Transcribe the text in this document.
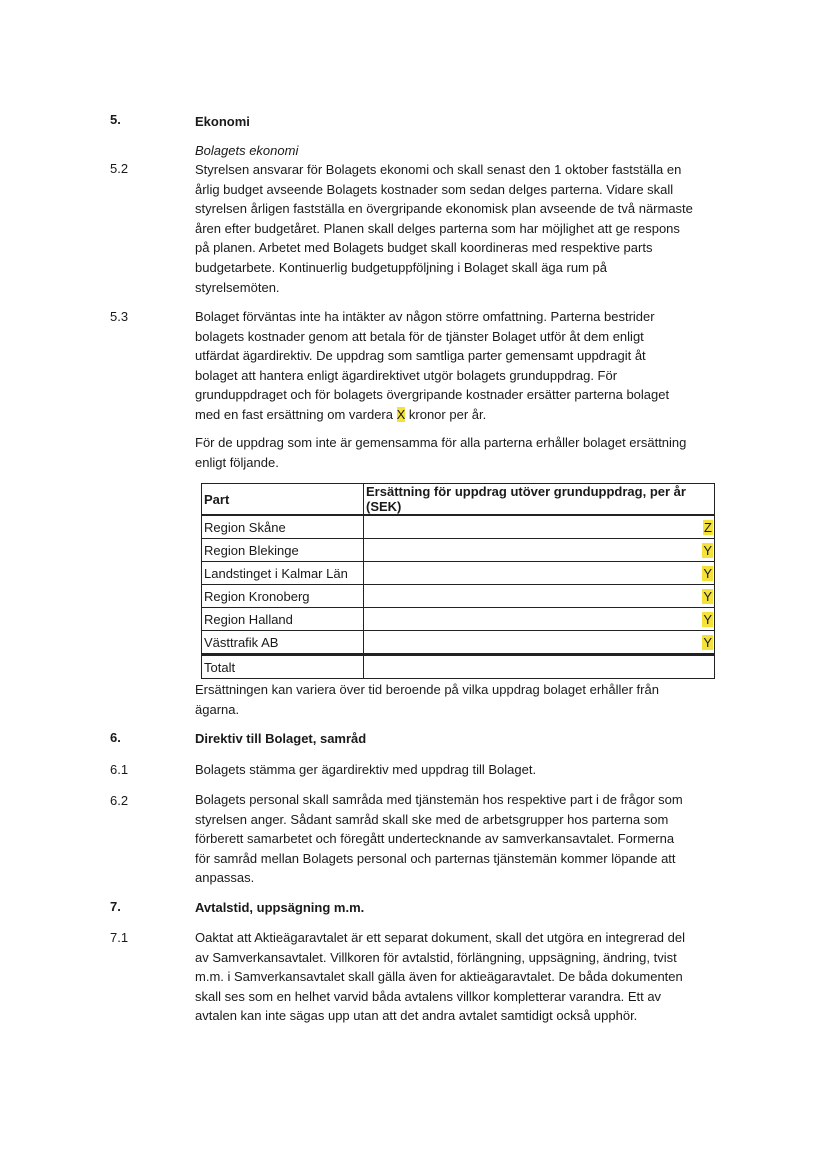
5.	Ekonomi
Bolagets ekonomi
5.2	Styrelsen ansvarar för Bolagets ekonomi och skall senast den 1 oktober fastställa en
årlig budget avseende Bolagets kostnader som sedan delges parterna. Vidare skall
styrelsen årligen fastställa en övergripande ekonomisk plan avseende de två närmaste
åren efter budgetåret. Planen skall delges parterna som har möjlighet att ge respons
på planen. Arbetet med Bolagets budget skall koordineras med respektive parts
budgetarbete. Kontinuerlig budgetuppföljning i Bolaget skall äga rum på
styrelsemöten.
5.3	Bolaget förväntas inte ha intäkter av någon större omfattning. Parterna bestrider
bolagets kostnader genom att betala för de tjänster Bolaget utför åt dem enligt
utfärdat ägardirektiv. De uppdrag som samtliga parter gemensamt uppdragit åt
bolaget att hantera enligt ägardirektivet utgör bolagets grunduppdrag. För
grunduppdraget och för bolagets övergripande kostnader ersätter parterna bolaget
med en fast ersättning om vardera X kronor per år.
För de uppdrag som inte är gemensamma för alla parterna erhåller bolaget ersättning
enligt följande.
Part	Ersättning för uppdrag utöver grunduppdrag, per år (SEK)
Region Skåne	Z
Region Blekinge	Y
Landstinget i Kalmar Län	Y
Region Kronoberg	Y
Region Halland	Y
Västtrafik AB	Y
Totalt	
Ersättningen kan variera över tid beroende på vilka uppdrag bolaget erhåller från
ägarna.
6.	Direktiv till Bolaget, samråd
6.1	Bolagets stämma ger ägardirektiv med uppdrag till Bolaget.
6.2	Bolagets personal skall samråda med tjänstemän hos respektive part i de frågor som
styrelsen anger. Sådant samråd skall ske med de arbetsgrupper hos parterna som
förberett samarbetet och föregått undertecknande av samverkansavtalet. Formerna
för samråd mellan Bolagets personal och parternas tjänstemän kommer löpande att
anpassas.
7.	Avtalstid, uppsägning m.m.
7.1	Oaktat att Aktieägaravtalet är ett separat dokument, skall det utgöra en integrerad del
av Samverkansavtalet. Villkoren för avtalstid, förlängning, uppsägning, ändring, tvist
m.m. i Samverkansavtalet skall gälla även for aktieägaravtalet. De båda dokumenten
skall ses som en helhet varvid båda avtalens villkor kompletterar varandra. Ett av
avtalen kan inte sägas upp utan att det andra avtalet samtidigt också upphör.
